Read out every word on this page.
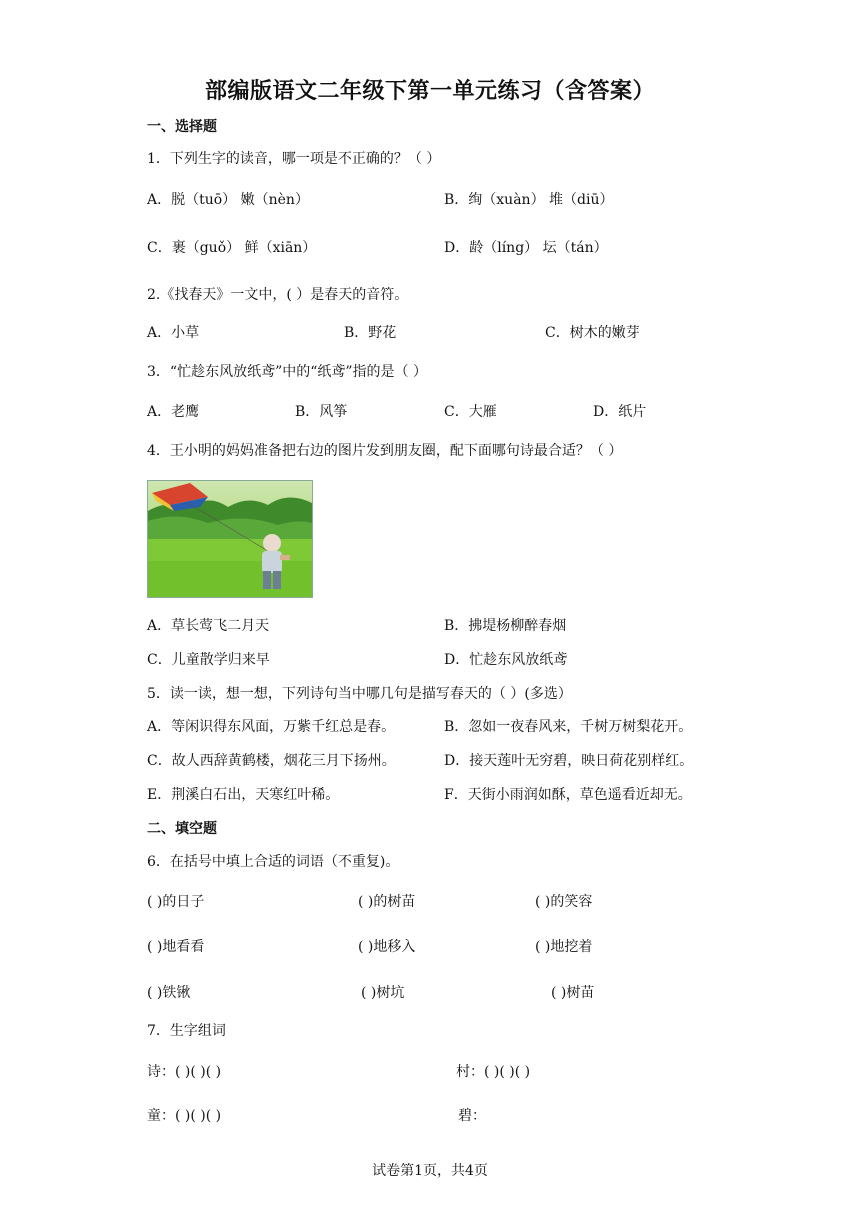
部编版语文二年级下第一单元练习（含答案）
一、选择题
1．下列生字的读音，哪一项是不正确的？（ ）
A．脱（tuō） 嫩（nèn）	B．绚（xuàn） 堆（diū）
C．裹（guǒ） 鲜（xiān）	D．龄（líng） 坛（tán）
2.《找春天》一文中，( ）是春天的音符。
A．小草	B．野花	C．树木的嫩芽
3．“忙趁东风放纸鸢”中的“纸鸢”指的是（ ）
A．老鹰	B．风筝	C．大雁	D．纸片
4．王小明的妈妈准备把右边的图片发到朋友圈，配下面哪句诗最合适？（ ）
A．草长莺飞二月天	B．拂堤杨柳醉春烟
C．儿童散学归来早	D．忙趁东风放纸鸢
5．读一读，想一想，下列诗句当中哪几句是描写春天的（ ）(多选）
A．等闲识得东风面，万紫千红总是春。	B．忽如一夜春风来，千树万树梨花开。
C．故人西辞黄鹤楼，烟花三月下扬州。	D．接天莲叶无穷碧，映日荷花别样红。
E．荆溪白石出，天寒红叶稀。	F．天街小雨润如酥，草色遥看近却无。
二、填空题
6．在括号中填上合适的词语（不重复)。
( )的日子	( )的树苗	( )的笑容
( )地看看	( )地移入	( )地挖着
( )铁锹	( )树坑	( )树苗
7．生字组词
诗：( )( )( )	村：( )( )( )
童：( )( )( )	碧：
试卷第1页，共4页
